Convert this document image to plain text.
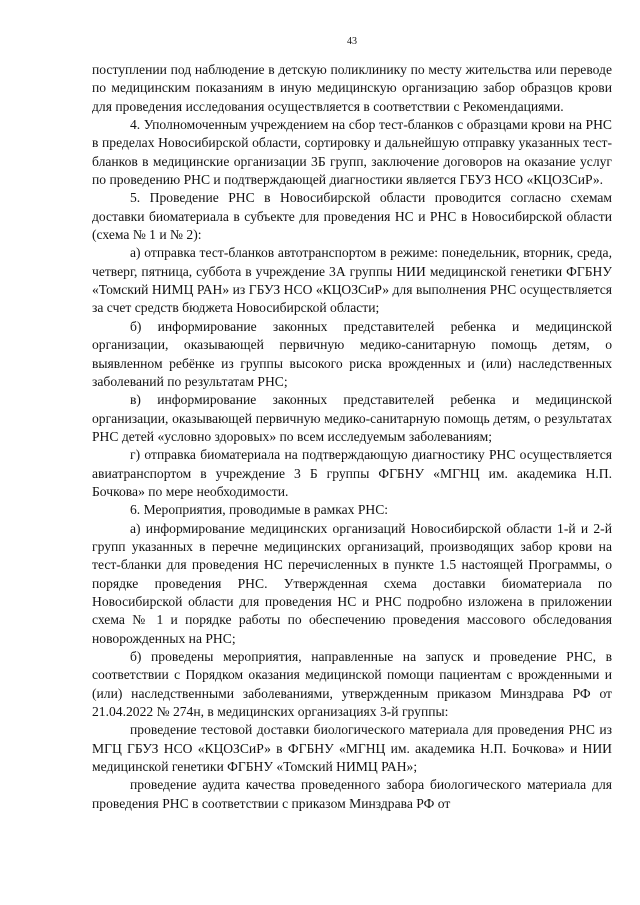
43

поступлении под наблюдение в детскую поликлинику по месту жительства или переводе по медицинским показаниям в иную медицинскую организацию забор образцов крови для проведения исследования осуществляется в соответствии с Рекомендациями.

4. Уполномоченным учреждением на сбор тест-бланков с образцами крови на РНС в пределах Новосибирской области, сортировку и дальнейшую отправку указанных тест-бланков в медицинские организации 3Б групп, заключение договоров на оказание услуг по проведению РНС и подтверждающей диагностики является ГБУЗ НСО «КЦОЗСиР».

5. Проведение РНС в Новосибирской области проводится согласно схемам доставки биоматериала в субъекте для проведения НС и РНС в Новосибирской области (схема № 1 и № 2):

а) отправка тест-бланков автотранспортом в режиме: понедельник, вторник, среда, четверг, пятница, суббота в учреждение 3А группы НИИ медицинской генетики ФГБНУ «Томский НИМЦ РАН» из ГБУЗ НСО «КЦОЗСиР» для выполнения РНС осуществляется за счет средств бюджета Новосибирской области;

б) информирование законных представителей ребенка и медицинской организации, оказывающей первичную медико-санитарную помощь детям, о выявленном ребёнке из группы высокого риска врожденных и (или) наследственных заболеваний по результатам РНС;

в) информирование законных представителей ребенка и медицинской организации, оказывающей первичную медико-санитарную помощь детям, о результатах РНС детей «условно здоровых» по всем исследуемым заболеваниям;

г) отправка биоматериала на подтверждающую диагностику РНС осуществляется авиатранспортом в учреждение 3 Б группы ФГБНУ «МГНЦ им. академика Н.П. Бочкова» по мере необходимости.

6. Мероприятия, проводимые в рамках РНС:

а) информирование медицинских организаций Новосибирской области 1-й и 2-й групп указанных в перечне медицинских организаций, производящих забор крови на тест-бланки для проведения НС перечисленных в пункте 1.5 настоящей Программы, о порядке проведения РНС. Утвержденная схема доставки биоматериала по Новосибирской области для проведения НС и РНС подробно изложена в приложении схема № 1 и порядке работы по обеспечению проведения массового обследования новорожденных на РНС;

б) проведены мероприятия, направленные на запуск и проведение РНС, в соответствии с Порядком оказания медицинской помощи пациентам с врожденными и (или) наследственными заболеваниями, утвержденным приказом Минздрава РФ от 21.04.2022 № 274н, в медицинских организациях 3-й группы:

проведение тестовой доставки биологического материала для проведения РНС из МГЦ ГБУЗ НСО «КЦОЗСиР» в ФГБНУ «МГНЦ им. академика Н.П. Бочкова» и НИИ медицинской генетики ФГБНУ «Томский НИМЦ РАН»;

проведение аудита качества проведенного забора биологического материала для проведения РНС в соответствии с приказом Минздрава РФ от
